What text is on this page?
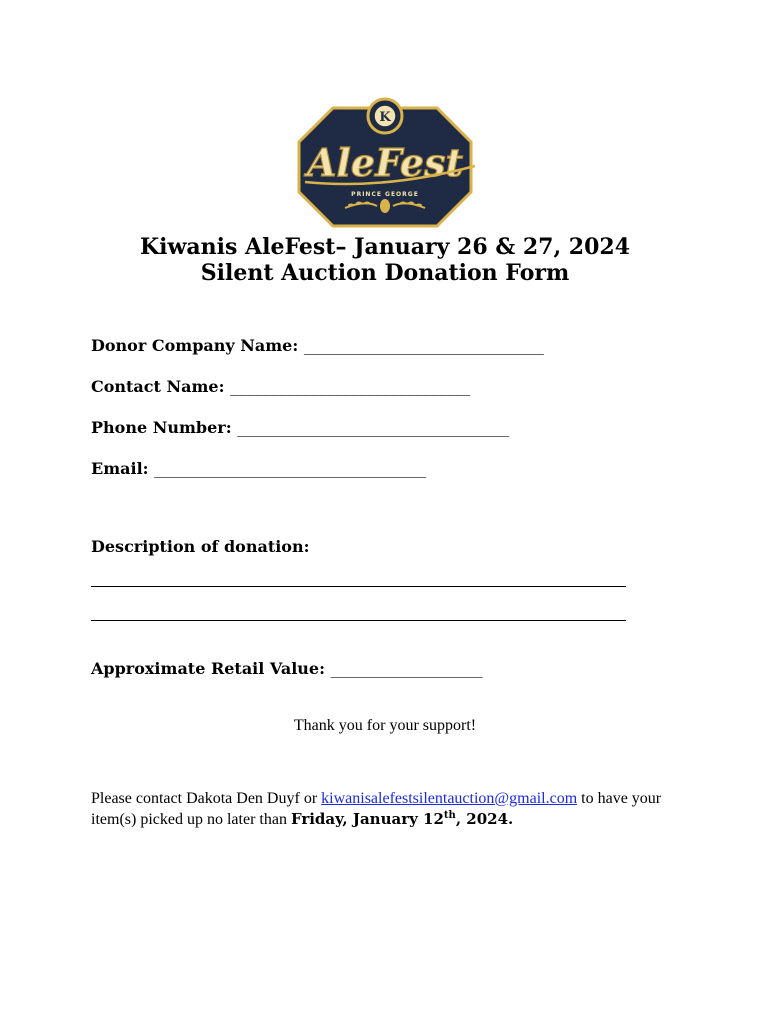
K
AleFest
PRINCE GEORGE
Kiwanis AleFest– January 26 & 27, 2024
Silent Auction Donation Form
Donor Company Name: ______________________________
Contact Name: ______________________________
Phone Number: __________________________________
Email: __________________________________
Description of donation:
Approximate Retail Value: ___________________
Thank you for your support!
Please contact Dakota Den Duyf or kiwanisalefestsilentauction@gmail.com to have your item(s) picked up no later than Friday, January 12th, 2024.
